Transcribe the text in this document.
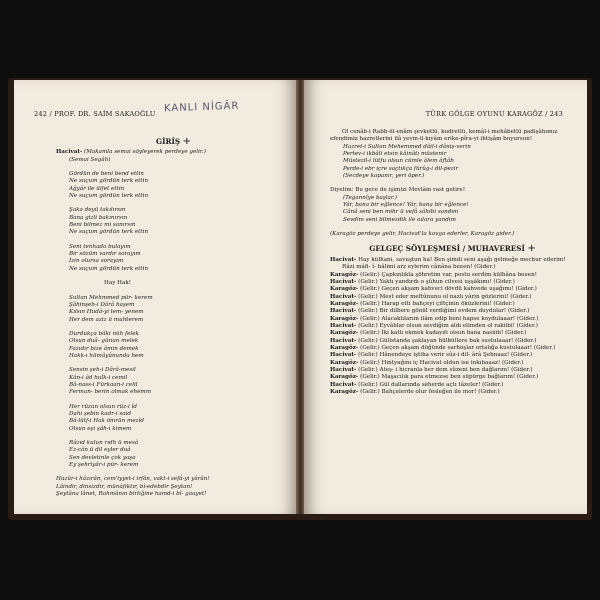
242 / PROF. DR. SAİM SAKAOĞLU KANLI NİGÂR
GİRİŞ +
Hacivat- (Makamla semai söyleyerek perdeye gelir.)
(Semai Segâh)
Gördün de beni bend ettin
Ne suçum gördün terk ettin
Ağyâr ile ülfet ettin
Ne suçum gördün terk ettin
Şaka deyü takılırsın
Bana gizli bakınırsın
Beni bilmez mi sanırsın
Ne suçum gördün terk ettin
Seni tenhada bulayım
Bir sözüm vardır sorayım
İzin olursa sorayım
Ne suçum gördün terk ettin
Hay Hak!
Sultan Mehmmed pür- kerem
Şâhinşeh-i Dârâ haşem
Kılsın Hudâ-yi lem- yenem
Her dem aziz ü muhterem
Durdukça bâki nüh felek
Olsun duâ- gûnun melek
Fazıdır bize âmin demek
Hakk-ı hümâyûnunda hem
Sensin şeh-i Dârâ-mesil
Kân-i âd hulk-i cemil
Bâ-nass-i Fürkaan-i celil
Ferman- berin olmak ehemm
Her rüzun olsun rüz-i îd
Dahi şebin kadr-i said
Bâ-lütf-i Hak ömrün mezîd
Olsun eşi şâh-i kimem
Râzıd kulun rıdh ü mesâ
Ez-cân ü dil eyler duâ
Sen devletinle çok yaşa
Ey şehriyâr-i pür- kerem
Huzûr-i hâzırân, cem'iyyet-i irfân, vakt-i sefâ-yi yârân!
Lâindir, dinsizdir, münâfıktır, bî-edebdir Şeytan!
Şeytâna lânet, Rahmânın birliğine hamd-i bî- gaayet!
TÜRK GÖLGE OYUNU KARAGÖZ / 243
Ol cenâb-i Rabb-ül-enâm şevketlü, kudretlü, kemâl-i mehâbetlü padişâhımız efendimiz hazretlerini ilâ yevm-il-kıyâm erike-pîra-yi ihtişâm buyursun!
Hazret-i Sultan Mehemmed dâil-i dâniş-verin
Pertev-i ikbâli etsin kâinâtı müstenir
Müstezil-i lütfu olsun cümle âlem âftâb
Perde-i ebr içre saçtıkça fürûg-i dil-pezir
(Secdeye kapanır, yeri öper.)
Diyelim: Bu gece de işimizi Mevlâm rast getire!
(Tegannîye başlar.)
Yâr, bana bir eğlence! Yâr, bana bir eğlence!
Cânâ seni ben mihr ü vefâ sâhibi sandım
Sevdim seni bilmezdik ile oılara yandım
(Karagöz perdeye gelir, Hacivat'la kavga ederler, Karagöz gider.)
GELGEÇ SÖYLEŞMESİ / MUHAVERESİ +
Hacivat- Hay külhani, savuştun ha! Ben şimdi seni aşağı gelmeğe mecbur ederim!
Râzi mâfi- î- bâlimi arz eylerim cânâna beeen! (Gider.)
Karagöz- (Gelir.) Çapkınlıkla şöhretim var, postu serdim külhâna beeen!
Hacivat- (Gelir.) Yaktı yandırdı o şûhun cilvesi uşşâkımı! (Gider.)
Karagöz- (Gelir.) Geçen akşam kahveci dövdü kahvede uşağımı! (Gider.)
Hacivat- (Gelir.) Mest eder meftûnunu ol nazlı yârin gözlerini! (Gider.)
Karagöz- (Gelir.) Harap etti bahçeyi çiftçinin öküzlerini! (Gider.)
Hacivat- (Gelir.) Bir dilbere gönül verdiğimi evdem duydular! (Gider.)
Karagöz- (Gelir.) Alacaklılarım ilâm edip beni hapse koydulaaar! (Gider.)
Hacivat- (Gelir.) Eyvâhlar olsun sevdiğim aldı elimden ol rakiibi! (Gider.)
Karagöz- (Gelir.) İki katlı ekmek kadayıfı olsun bana nasiiib! (Gider.)
Hacivat- (Gelir.) Gülistanda şaklayan bülbüllere bak sustulaaar! (Gider.)
Karagöz- (Gelir.) Geçen akşam döğünde sarhoşlar ortalığa kustulaaar! (Gider.)
Hacivat- (Gelir.) Hânendeye iştiha verir sûz-i dil- ârâ Şehnaaz! (Gider.)
Karagöz- (Gelir.) Hintyağını iç Hacivat oldun ise inkıbaaaz! (Gider.)
Hacivat- (Gelir.) Ateş- i hicranla her dem sûzeni ben dağlarım! (Gider.)
Karagöz- (Gelir.) Maşacılık para etmezse ben süpürge bağlarım! (Gider.)
Hacivat- (Gelir.) Gül dallarında seherde açtı tâzeler! (Gider.)
Karagöz- (Gelir.) Bahçelerde olur fesleğen ile mor! (Gider.)
